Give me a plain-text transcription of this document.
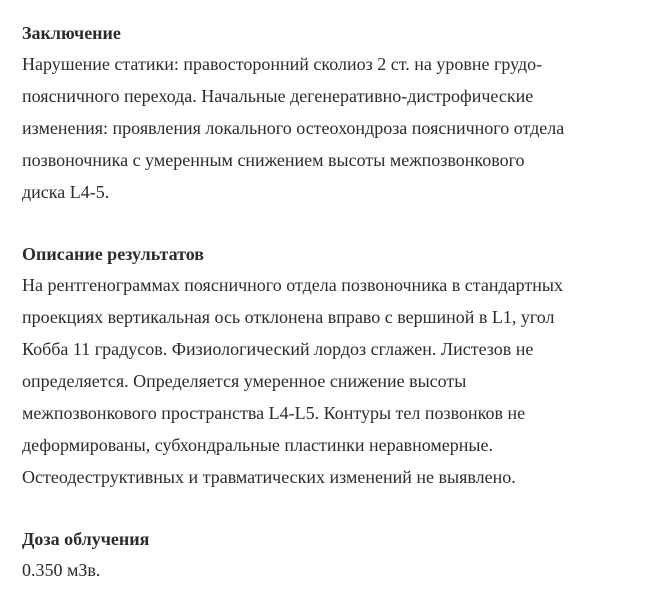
Заключение

Нарушение статики: правосторонний сколиоз 2 ст. на уровне грудо-
поясничного перехода. Начальные дегенеративно-дистрофические
изменения: проявления локального остеохондроза поясничного отдела
позвоночника с умеренным снижением высоты межпозвонкового
диска L4-5.

Описание результатов

На рентгенограммах поясничного отдела позвоночника в стандартных
проекциях вертикальная ось отклонена вправо с вершиной в L1, угол
Кобба 11 градусов. Физиологический лордоз сглажен. Листезов не
определяется. Определяется умеренное снижение высоты
межпозвонкового пространства L4-L5. Контуры тел позвонков не
деформированы, субхондральные пластинки неравномерные.
Остеодеструктивных и травматических изменений не выявлено.

Доза облучения

0.350 мЗв.
